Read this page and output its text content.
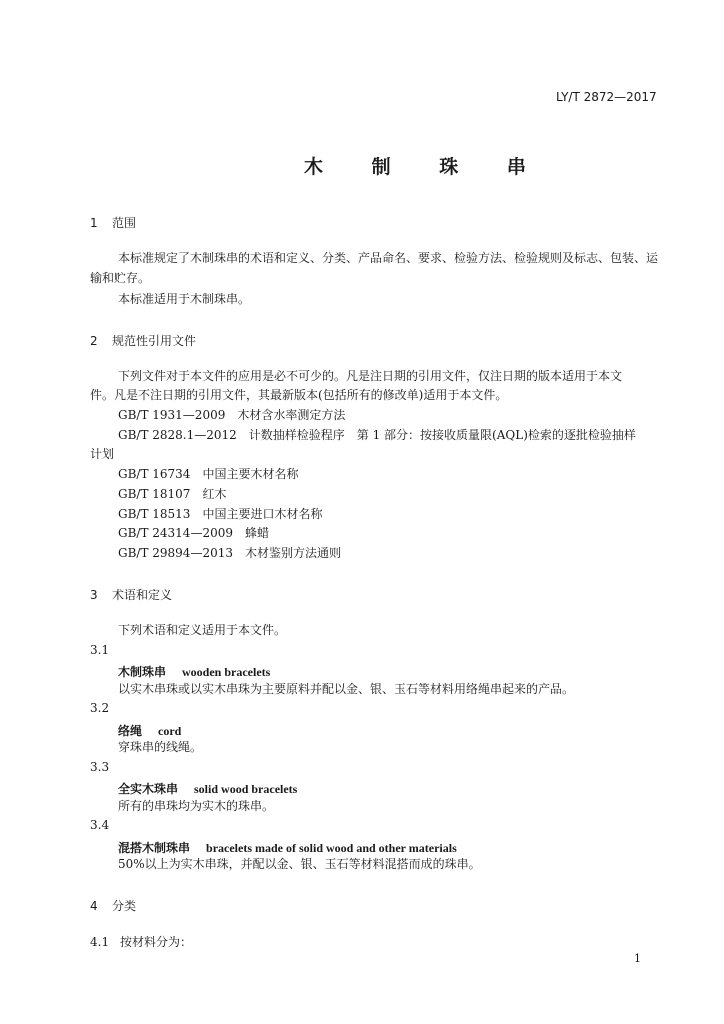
LY/T 2872—2017
木 制 珠 串
1 范围
本标准规定了木制珠串的术语和定义、分类、产品命名、要求、检验方法、检验规则及标志、包装、运
输和贮存。
本标准适用于木制珠串。
2 规范性引用文件
下列文件对于本文件的应用是必不可少的。凡是注日期的引用文件，仅注日期的版本适用于本文
件。凡是不注日期的引用文件，其最新版本(包括所有的修改单)适用于本文件。
GB/T 1931—2009 木材含水率测定方法
GB/T 2828.1—2012 计数抽样检验程序　第 1 部分：按接收质量限(AQL)检索的逐批检验抽样
计划
GB/T 16734 中国主要木材名称
GB/T 18107 红木
GB/T 18513 中国主要进口木材名称
GB/T 24314—2009 蜂蜡
GB/T 29894—2013 木材鉴别方法通则
3 术语和定义
下列术语和定义适用于本文件。
3.1
木制珠串 wooden bracelets
以实木串珠或以实木串珠为主要原料并配以金、银、玉石等材料用络绳串起来的产品。
3.2
络绳 cord
穿珠串的线绳。
3.3
全实木珠串 solid wood bracelets
所有的串珠均为实木的珠串。
3.4
混搭木制珠串 bracelets made of solid wood and other materials
50%以上为实木串珠，并配以金、银、玉石等材料混搭而成的珠串。
4 分类
4.1 按材料分为：
1
